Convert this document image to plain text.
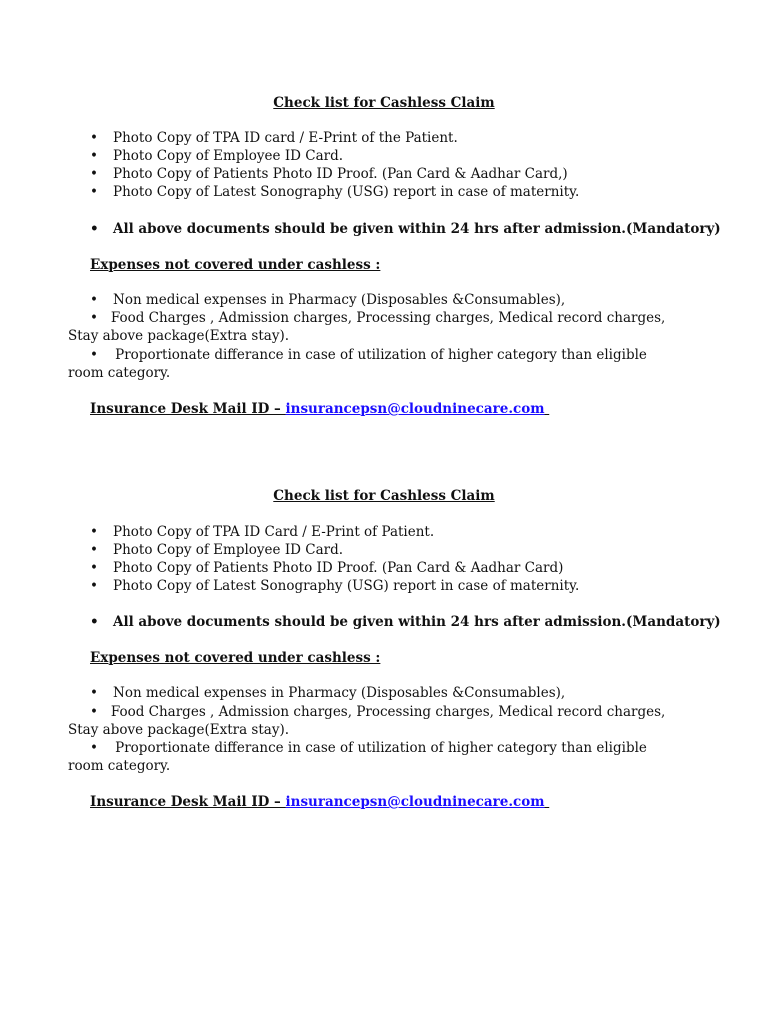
Check list for Cashless Claim
• Photo Copy of TPA ID card / E-Print of the Patient.
• Photo Copy of Employee ID Card.
• Photo Copy of Patients Photo ID Proof. (Pan Card & Aadhar Card,)
• Photo Copy of Latest Sonography (USG) report in case of maternity.
• All above documents should be given within 24 hrs after admission.(Mandatory)
Expenses not covered under cashless :
• Non medical expenses in Pharmacy (Disposables &Consumables),
• Food Charges , Admission charges, Processing charges, Medical record charges, Stay above package(Extra stay).
• Proportionate differance in case of utilization of higher category than eligible room category.
Insurance Desk Mail ID – insurancepsn@cloudninecare.com
Check list for Cashless Claim
• Photo Copy of TPA ID Card / E-Print of Patient.
• Photo Copy of Employee ID Card.
• Photo Copy of Patients Photo ID Proof. (Pan Card & Aadhar Card)
• Photo Copy of Latest Sonography (USG) report in case of maternity.
• All above documents should be given within 24 hrs after admission.(Mandatory)
Expenses not covered under cashless :
• Non medical expenses in Pharmacy (Disposables &Consumables),
• Food Charges , Admission charges, Processing charges, Medical record charges, Stay above package(Extra stay).
• Proportionate differance in case of utilization of higher category than eligible room category.
Insurance Desk Mail ID – insurancepsn@cloudninecare.com
